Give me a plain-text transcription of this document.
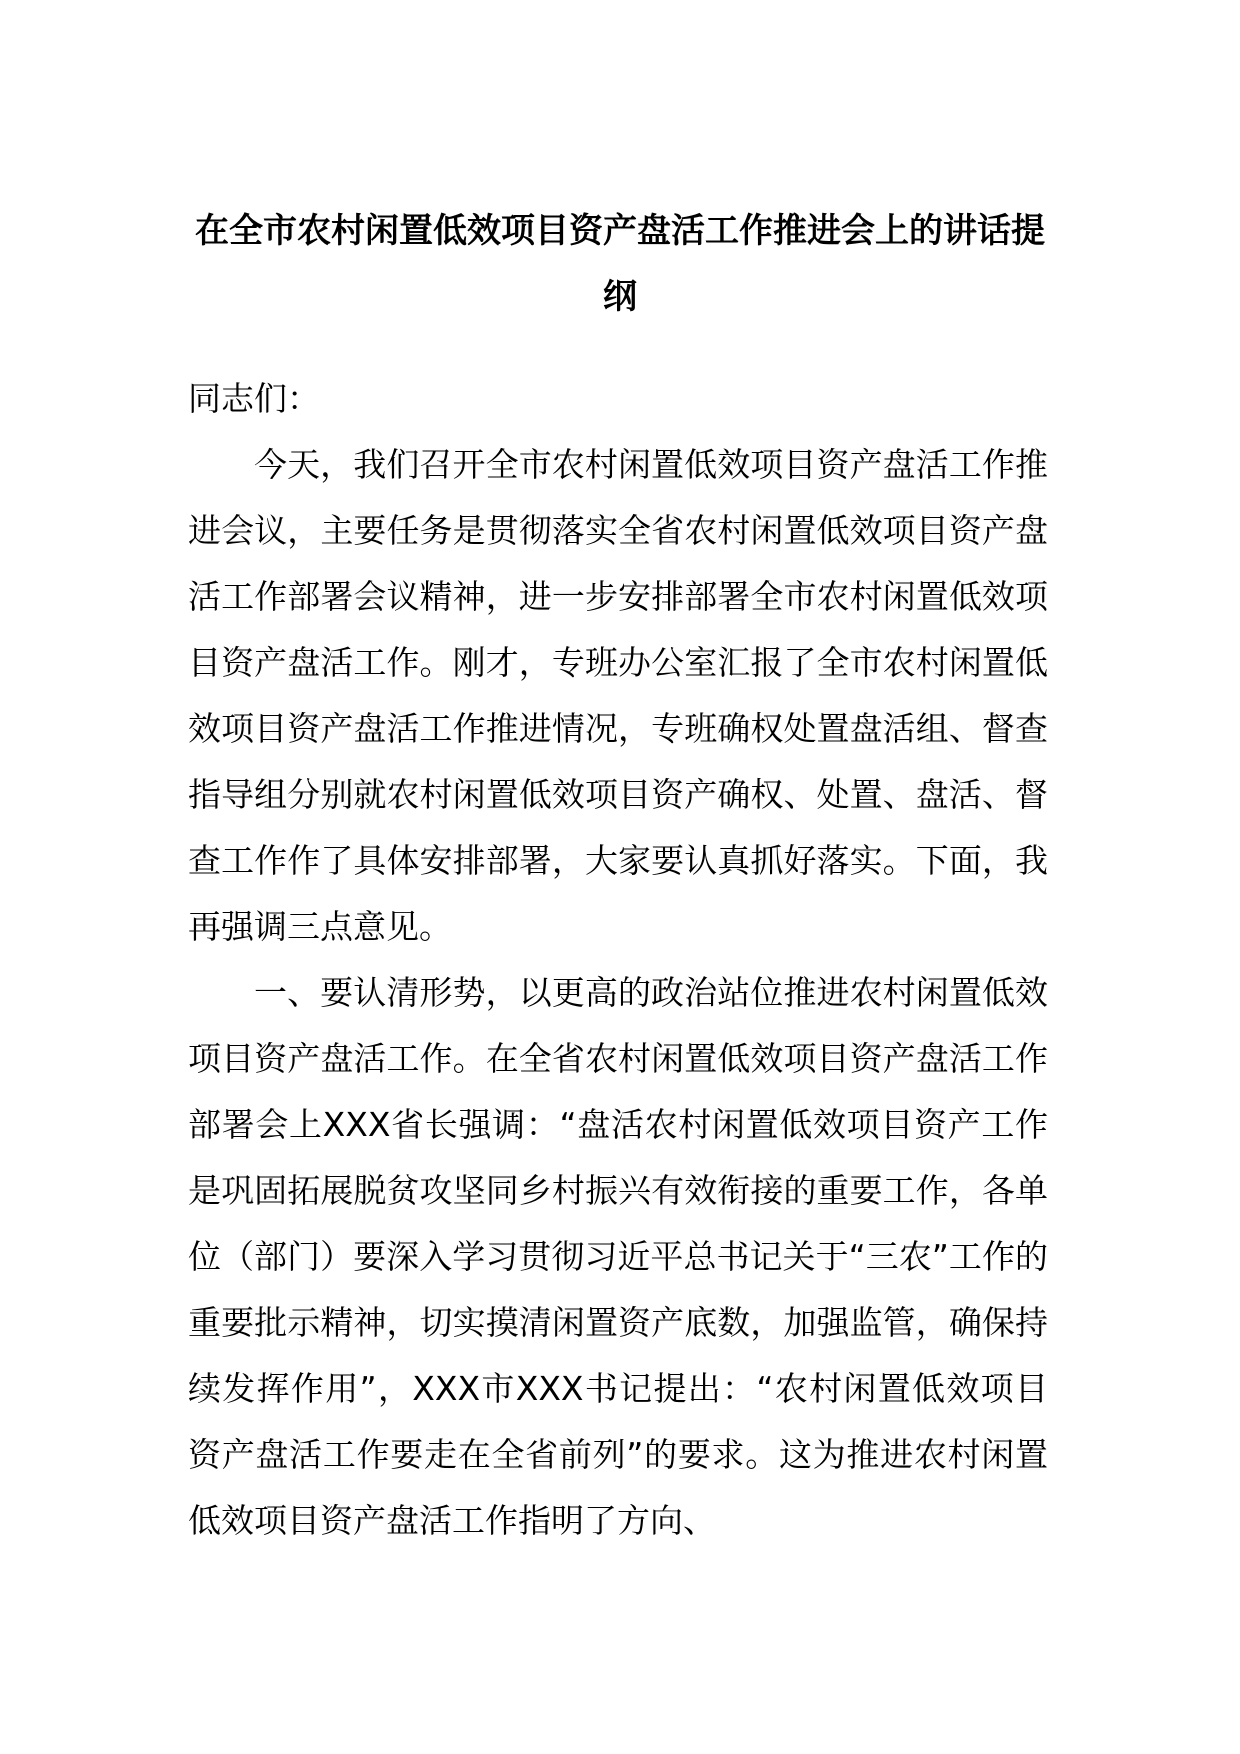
在全市农村闲置低效项目资产盘活工作推进会上的讲话提纲

同志们：

今天，我们召开全市农村闲置低效项目资产盘活工作推进会议，主要任务是贯彻落实全省农村闲置低效项目资产盘活工作部署会议精神，进一步安排部署全市农村闲置低效项目资产盘活工作。刚才，专班办公室汇报了全市农村闲置低效项目资产盘活工作推进情况，专班确权处置盘活组、督查指导组分别就农村闲置低效项目资产确权、处置、盘活、督查工作作了具体安排部署，大家要认真抓好落实。下面，我再强调三点意见。

一、要认清形势，以更高的政治站位推进农村闲置低效项目资产盘活工作。在全省农村闲置低效项目资产盘活工作部署会上XXX省长强调：“盘活农村闲置低效项目资产工作是巩固拓展脱贫攻坚同乡村振兴有效衔接的重要工作，各单位（部门）要深入学习贯彻习近平总书记关于“三农”工作的重要批示精神，切实摸清闲置资产底数，加强监管，确保持续发挥作用”，XXX市XXX书记提出：“农村闲置低效项目资产盘活工作要走在全省前列”的要求。这为推进农村闲置低效项目资产盘活工作指明了方向、
